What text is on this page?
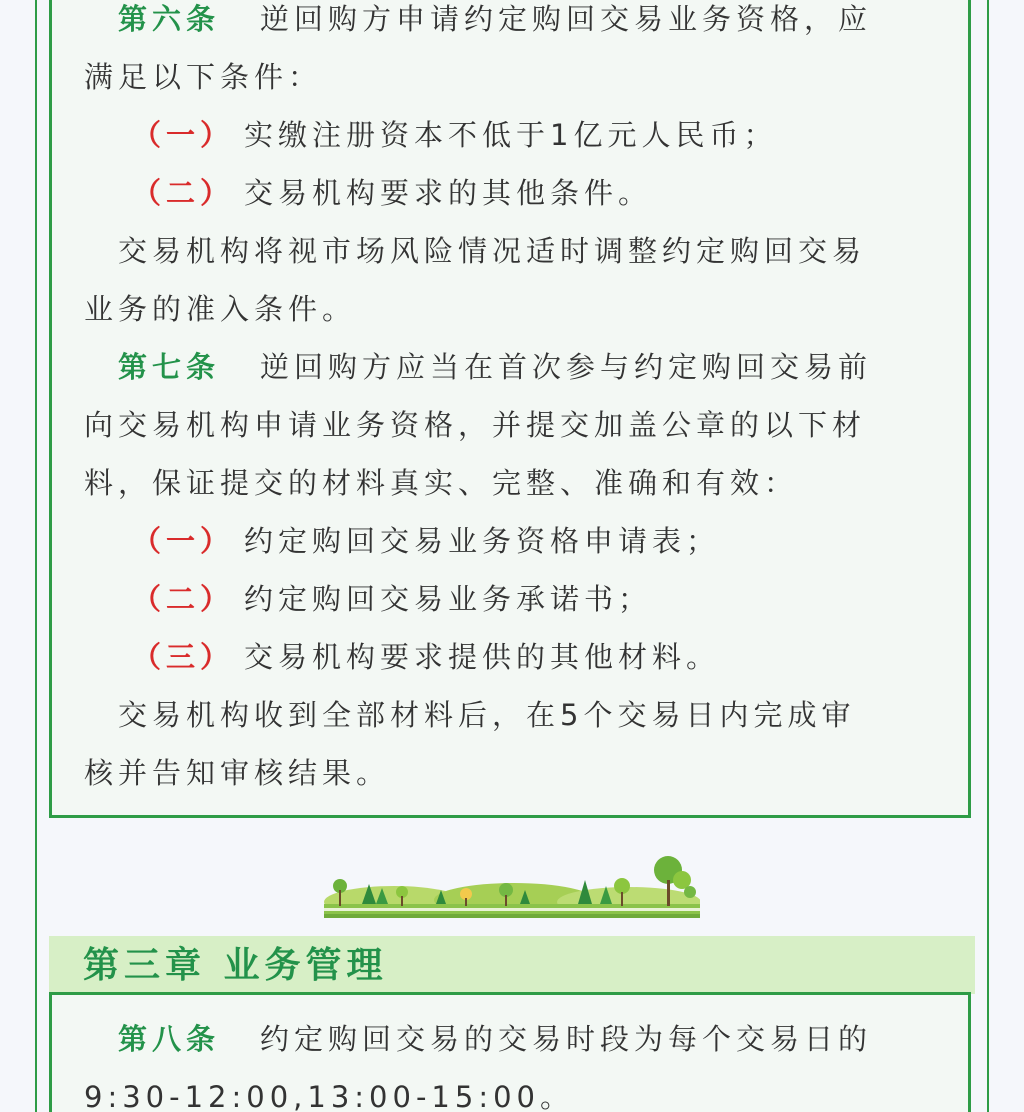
第六条 逆回购方申请约定购回交易业务资格，应
满足以下条件：
（一） 实缴注册资本不低于1亿元人民币；
（二） 交易机构要求的其他条件。
交易机构将视市场风险情况适时调整约定购回交易
业务的准入条件。
第七条 逆回购方应当在首次参与约定购回交易前
向交易机构申请业务资格，并提交加盖公章的以下材
料，保证提交的材料真实、完整、准确和有效：
（一） 约定购回交易业务资格申请表；
（二） 约定购回交易业务承诺书；
（三） 交易机构要求提供的其他材料。
交易机构收到全部材料后，在5个交易日内完成审
核并告知审核结果。
第三章 业务管理
第八条 约定购回交易的交易时段为每个交易日的
9:30-12:00,13:00-15:00。
